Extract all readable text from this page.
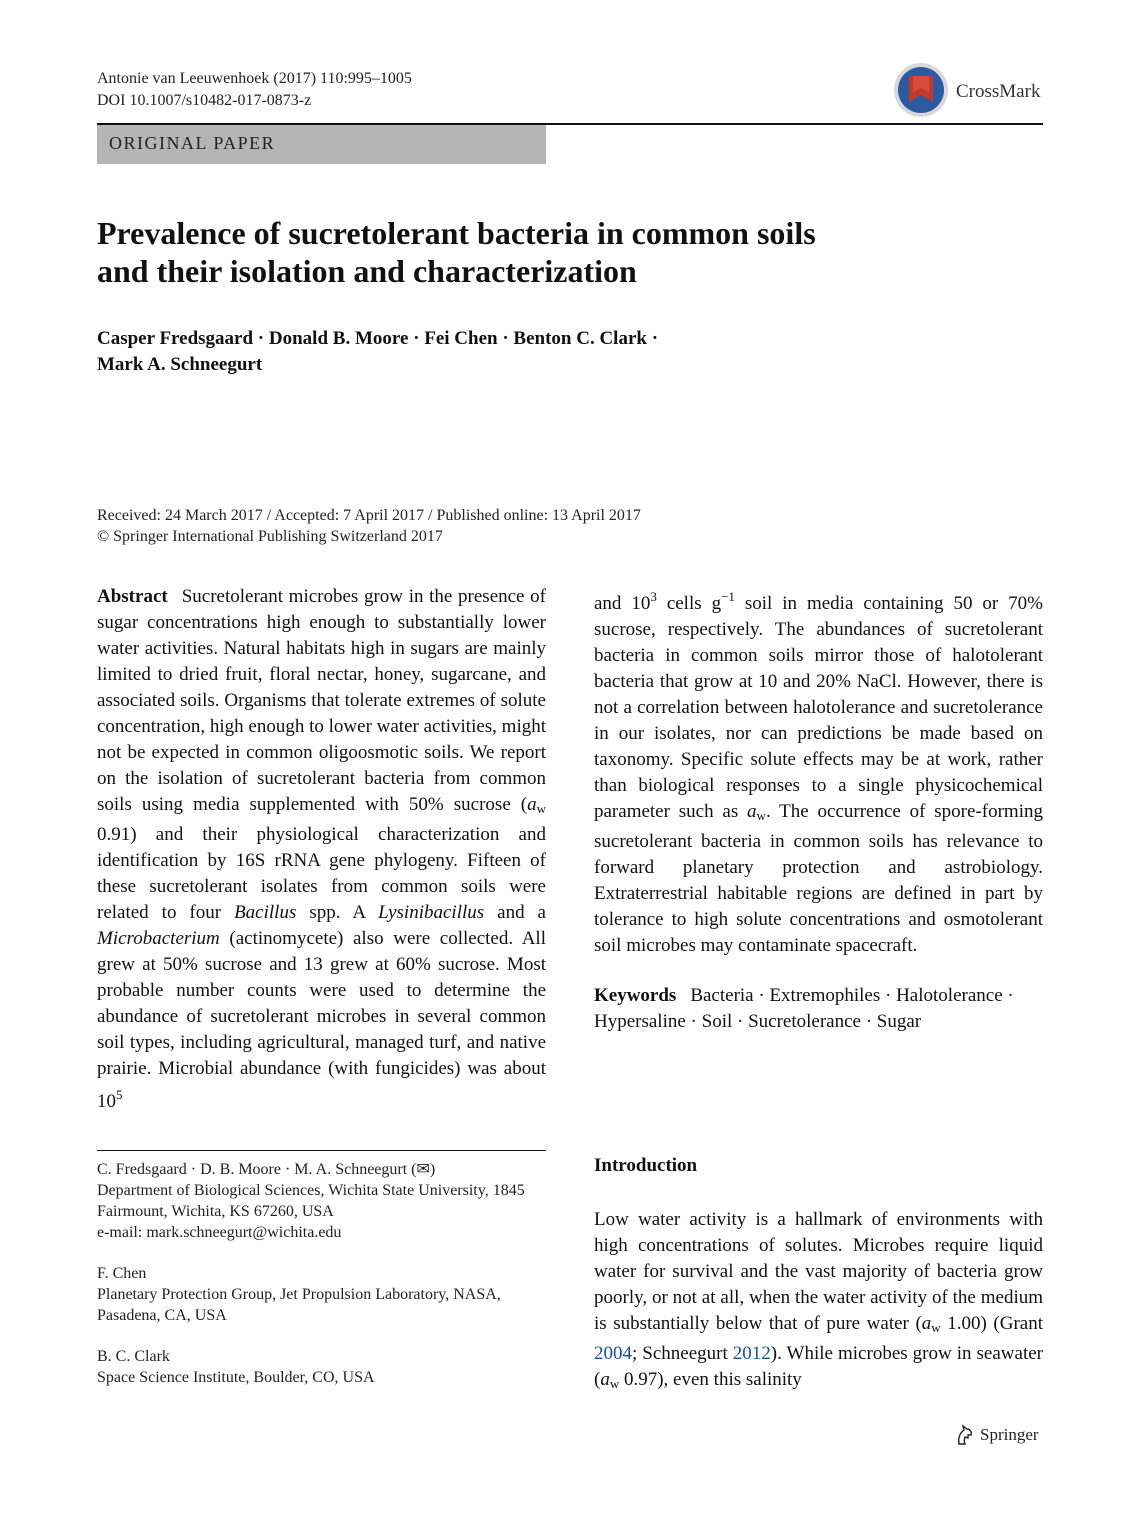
Antonie van Leeuwenhoek (2017) 110:995–1005
DOI 10.1007/s10482-017-0873-z	CrossMark
ORIGINAL PAPER
Prevalence of sucretolerant bacteria in common soils
and their isolation and characterization
Casper Fredsgaard · Donald B. Moore · Fei Chen · Benton C. Clark ·
Mark A. Schneegurt
Received: 24 March 2017 / Accepted: 7 April 2017 / Published online: 13 April 2017
© Springer International Publishing Switzerland 2017

Abstract Sucretolerant microbes grow in the presence of sugar concentrations high enough to substantially lower water activities. Natural habitats high in sugars are mainly limited to dried fruit, floral nectar, honey, sugarcane, and associated soils. Organisms that tolerate extremes of solute concentration, high enough to lower water activities, might not be expected in common oligoosmotic soils. We report on the isolation of sucretolerant bacteria from common soils using media supplemented with 50% sucrose ($a_w$ 0.91) and their physiological characterization and identification by 16S rRNA gene phylogeny. Fifteen of these sucretolerant isolates from common soils were related to four Bacillus spp. A Lysinibacillus and a Microbacterium (actinomycete) also were collected. All grew at 50% sucrose and 13 grew at 60% sucrose. Most probable number counts were used to determine the abundance of sucretolerant microbes in several common soil types, including agricultural, managed turf, and native prairie. Microbial abundance (with fungicides) was about $10^5$

and $10^3$ cells $g^{-1}$ soil in media containing 50 or 70% sucrose, respectively. The abundances of sucretolerant bacteria in common soils mirror those of halotolerant bacteria that grow at 10 and 20% NaCl. However, there is not a correlation between halotolerance and sucretolerance in our isolates, nor can predictions be made based on taxonomy. Specific solute effects may be at work, rather than biological responses to a single physicochemical parameter such as $a_w$. The occurrence of spore-forming sucretolerant bacteria in common soils has relevance to forward planetary protection and astrobiology. Extraterrestrial habitable regions are defined in part by tolerance to high solute concentrations and osmotolerant soil microbes may contaminate spacecraft.

Keywords Bacteria · Extremophiles · Halotolerance · Hypersaline · Soil · Sucretolerance · Sugar

C. Fredsgaard · D. B. Moore · M. A. Schneegurt (✉)
Department of Biological Sciences, Wichita State University, 1845 Fairmount, Wichita, KS 67260, USA
e-mail: mark.schneegurt@wichita.edu

F. Chen
Planetary Protection Group, Jet Propulsion Laboratory, NASA, Pasadena, CA, USA

B. C. Clark
Space Science Institute, Boulder, CO, USA

Introduction

Low water activity is a hallmark of environments with high concentrations of solutes. Microbes require liquid water for survival and the vast majority of bacteria grow poorly, or not at all, when the water activity of the medium is substantially below that of pure water ($a_w$ 1.00) (Grant 2004; Schneegurt 2012). While microbes grow in seawater ($a_w$ 0.97), even this salinity

Springer
